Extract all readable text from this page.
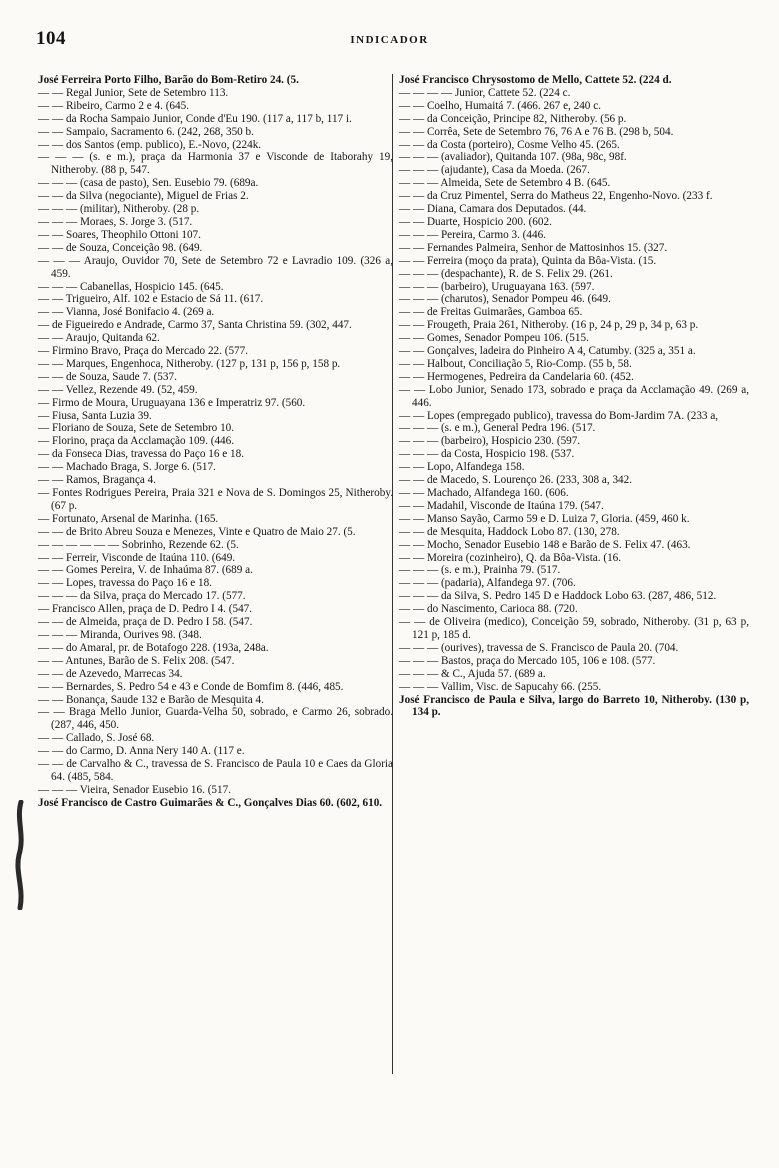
104	INDICADOR

José Ferreira Porto Filho, Barão do Bom-Retiro 24. (5.

— — Regal Junior, Sete de Setembro 113.

— — Ribeiro, Carmo 2 e 4. (645.

— — da Rocha Sampaio Junior, Conde d'Eu 190. (117 a, 117 b, 117 i.

— — Sampaio, Sacramento 6. (242, 268, 350 b.

— — dos Santos (emp. publico), E.-Novo, (224k.

— — — (s. e m.), praça da Harmonia 37 e Visconde de Itaborahy 19, Nitheroby. (88 p, 547.

— — — (casa de pasto), Sen. Eusebio 79. (689a.

— — da Silva (negociante), Miguel de Frias 2.

— — — (militar), Nitheroby. (28 p.

— — — Moraes, S. Jorge 3. (517.

— — Soares, Theophilo Ottoni 107.

— — de Souza, Conceição 98. (649.

— — — Araujo, Ouvidor 70, Sete de Setembro 72 e Lavradio 109. (326 a, 459.

— — — Cabanellas, Hospicio 145. (645.

— — Trigueiro, Alf. 102 e Estacio de Sá 11. (617.

— — Vianna, José Bonifacio 4. (269 a.

— de Figueiredo e Andrade, Carmo 37, Santa Christina 59. (302, 447.

— — Araujo, Quitanda 62.

— Firmino Bravo, Praça do Mercado 22. (577.

— — Marques, Engenhoca, Nitheroby. (127 p, 131 p, 156 p, 158 p.

— — de Souza, Saude 7. (537.

— — Vellez, Rezende 49. (52, 459.

— Firmo de Moura, Uruguayana 136 e Imperatriz 97. (560.

— Fiusa, Santa Luzia 39.

— Floriano de Souza, Sete de Setembro 10.

— Florino, praça da Acclamação 109. (446.

— da Fonseca Dias, travessa do Paço 16 e 18.

— — Machado Braga, S. Jorge 6. (517.

— — Ramos, Bragança 4.

— Fontes Rodrigues Pereira, Praia 321 e Nova de S. Domingos 25, Nitheroby. (67 p.

— Fortunato, Arsenal de Marinha. (165.

— — de Brito Abreu Souza e Menezes, Vinte e Quatro de Maio 27. (5.

— — — — — — Sobrinho, Rezende 62. (5.

— — Ferreir, Visconde de Itaúna 110. (649.

— — Gomes Pereira, V. de Inhaúma 87. (689 a.

— — Lopes, travessa do Paço 16 e 18.

— — — da Silva, praça do Mercado 17. (577.

— Francisco Allen, praça de D. Pedro I 4. (547.

— — de Almeida, praça de D. Pedro I 58. (547.

— — — Miranda, Ourives 98. (348.

— — do Amaral, pr. de Botafogo 228. (193a, 248a.

— — Antunes, Barão de S. Felix 208. (547.

— — de Azevedo, Marrecas 34.

— — Bernardes, S. Pedro 54 e 43 e Conde de Bomfim 8. (446, 485.

— — Bonança, Saude 132 e Barão de Mesquita 4.

— — Braga Mello Junior, Guarda-Velha 50, sobrado, e Carmo 26, sobrado. (287, 446, 450.

— — Callado, S. José 68.

— — do Carmo, D. Anna Nery 140 A. (117 e.

— — de Carvalho & C., travessa de S. Francisco de Paula 10 e Caes da Gloria 64. (485, 584.

— — — Vieira, Senador Eusebio 16. (517.

José Francisco de Castro Guimarães & C., Gonçalves Dias 60. (602, 610.

José Francisco Chrysostomo de Mello, Cattete 52. (224 d.

— — — — Junior, Cattete 52. (224 c.

— — Coelho, Humaitá 7. (466. 267 e, 240 c.

— — da Conceição, Principe 82, Nitheroby. (56 p.

— — Corrêa, Sete de Setembro 76, 76 A e 76 B. (298 b, 504.

— — da Costa (porteiro), Cosme Velho 45. (265.

— — — (avaliador), Quitanda 107. (98a, 98c, 98f.

— — — (ajudante), Casa da Moeda. (267.

— — — Almeida, Sete de Setembro 4 B. (645.

— — da Cruz Pimentel, Serra do Matheus 22, Engenho-Novo. (233 f.

— — Diana, Camara dos Deputados. (44.

— — Duarte, Hospicio 200. (602.

— — — Pereira, Carmo 3. (446.

— — Fernandes Palmeira, Senhor de Mattosinhos 15. (327.

— — Ferreira (moço da prata), Quinta da Bôa-Vista. (15.

— — — (despachante), R. de S. Felix 29. (261.

— — — (barbeiro), Uruguayana 163. (597.

— — — (charutos), Senador Pompeu 46. (649.

— — de Freitas Guimarães, Gamboa 65.

— — Frougeth, Praia 261, Nitheroby. (16 p, 24 p, 29 p, 34 p, 63 p.

— — Gomes, Senador Pompeu 106. (515.

— — Gonçalves, ladeira do Pinheiro A 4, Catumby. (325 a, 351 a.

— — Halbout, Conciliação 5, Rio-Comp. (55 b, 58.

— — Hermogenes, Pedreira da Candelaria 60. (452.

— — Lobo Junior, Senado 173, sobrado e praça da Acclamação 49. (269 a, 446.

— — Lopes (empregado publico), travessa do Bom-Jardim 7A. (233 a,

— — — (s. e m.), General Pedra 196. (517.

— — — (barbeiro), Hospicio 230. (597.

— — — da Costa, Hospicio 198. (537.

— — Lopo, Alfandega 158.

— — de Macedo, S. Lourenço 26. (233, 308 a, 342.

— — Machado, Alfandega 160. (606.

— — Madahil, Visconde de Itaúna 179. (547.

— — Manso Sayão, Carmo 59 e D. Luiza 7, Gloria. (459, 460 k.

— — de Mesquita, Haddock Lobo 87. (130, 278.

— — Mocho, Senador Eusebio 148 e Barão de S. Felix 47. (463.

— — Moreira (cozinheiro), Q. da Bôa-Vista. (16.

— — — (s. e m.), Prainha 79. (517.

— — — (padaria), Alfandega 97. (706.

— — — da Silva, S. Pedro 145 D e Haddock Lobo 63. (287, 486, 512.

— — do Nascimento, Carioca 88. (720.

— — de Oliveira (medico), Conceição 59, sobrado, Nitheroby. (31 p, 63 p, 121 p, 185 d.

— — — (ourives), travessa de S. Francisco de Paula 20. (704.

— — — Bastos, praça do Mercado 105, 106 e 108. (577.

— — — & C., Ajuda 57. (689 a.

— — — Vallim, Visc. de Sapucahy 66. (255.

José Francisco de Paula e Silva, largo do Barreto 10, Nitheroby. (130 p, 134 p.
